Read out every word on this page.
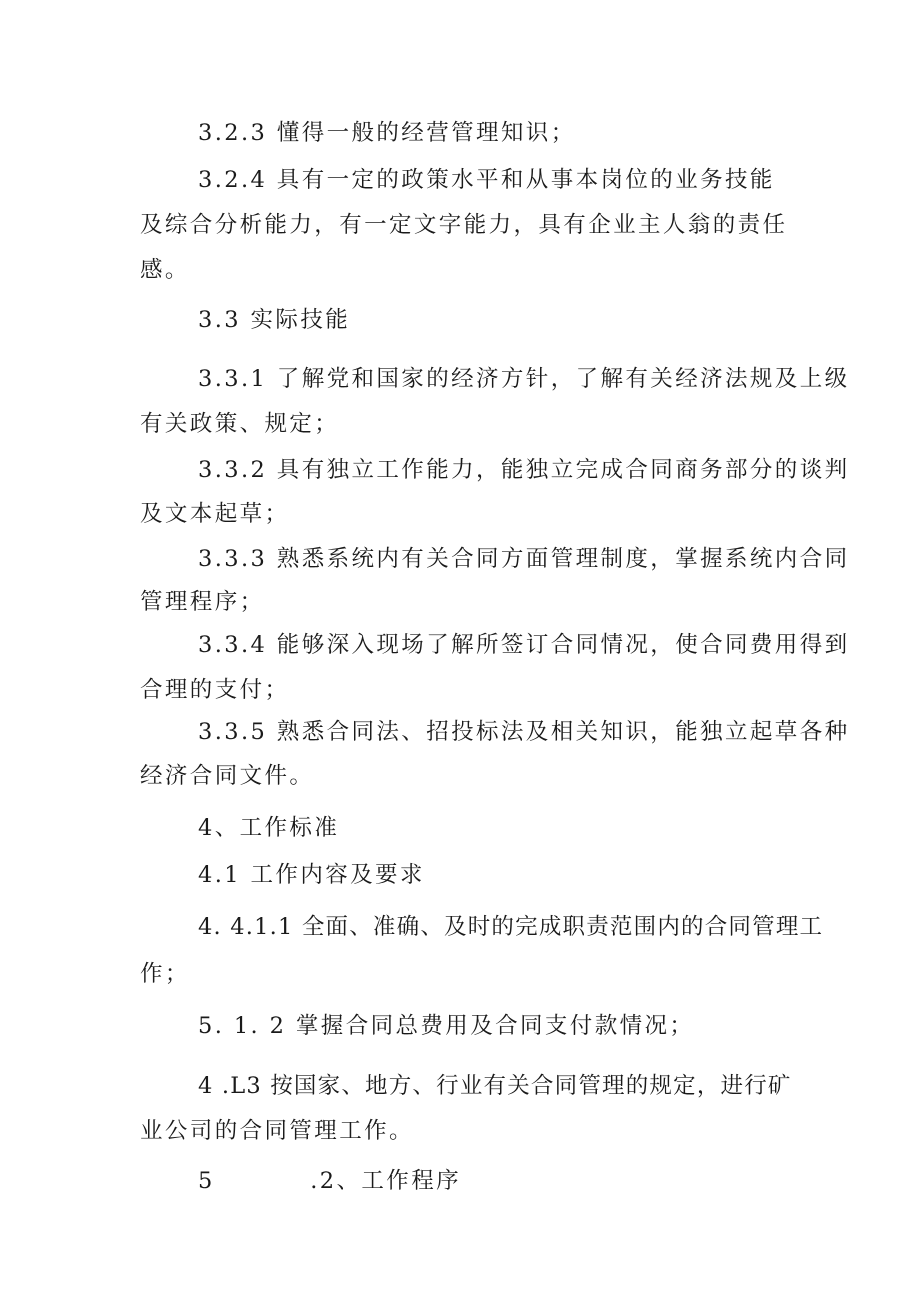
3.2.3 懂得一般的经营管理知识；
3.2.4 具有一定的政策水平和从事本岗位的业务技能
及综合分析能力，有一定文字能力，具有企业主人翁的责任
感。
3.3 实际技能
3.3.1 了解党和国家的经济方针，了解有关经济法规及上级
有关政策、规定；
3.3.2 具有独立工作能力，能独立完成合同商务部分的谈判
及文本起草；
3.3.3 熟悉系统内有关合同方面管理制度，掌握系统内合同
管理程序；
3.3.4 能够深入现场了解所签订合同情况，使合同费用得到
合理的支付；
3.3.5 熟悉合同法、招投标法及相关知识，能独立起草各种
经济合同文件。
4、工作标准
4.1 工作内容及要求
4. 4.1.1 全面、准确、及时的完成职责范围内的合同管理工
作；
5. 1. 2 掌握合同总费用及合同支付款情况；
4 .L3 按国家、地方、行业有关合同管理的规定，进行矿
业公司的合同管理工作。
5          .2、工作程序
